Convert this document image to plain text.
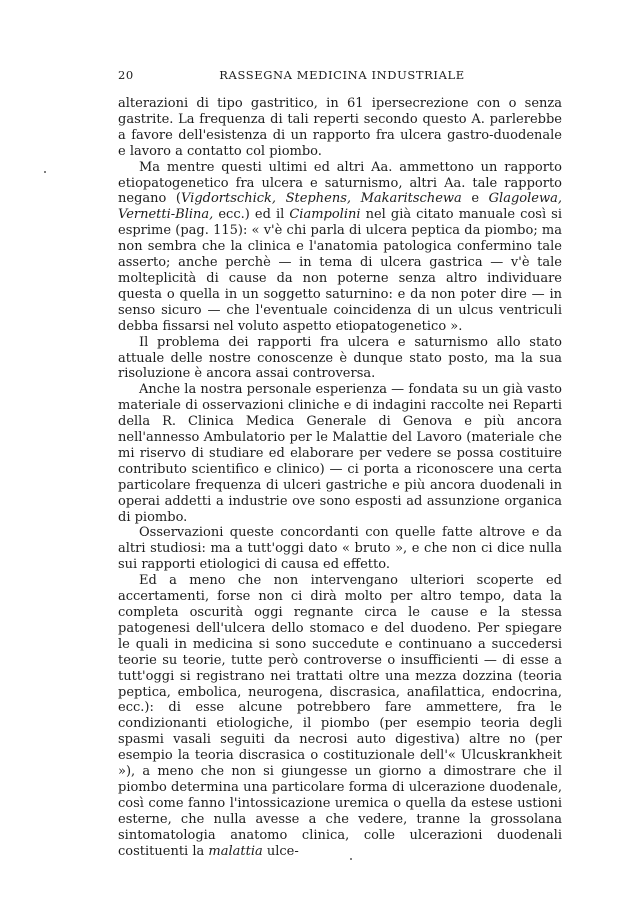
20	RASSEGNA MEDICINA INDUSTRIALE

alterazioni di tipo gastritico, in 61 ipersecrezione con o senza gastrite. La frequenza di tali reperti secondo questo A. parlerebbe a favore dell'esistenza di un rapporto fra ulcera gastro-duodenale e lavoro a contatto col piombo.

Ma mentre questi ultimi ed altri Aa. ammettono un rapporto etiopatogenetico fra ulcera e saturnismo, altri Aa. tale rapporto negano (Vigdortschick, Stephens, Makaritschewa e Glagolewa, Vernetti-Blina, ecc.) ed il Ciampolini nel già citato manuale così si esprime (pag. 115): « v'è chi parla di ulcera peptica da piombo; ma non sembra che la clinica e l'anatomia patologica confermino tale asserto; anche perchè — in tema di ulcera gastrica — v'è tale molteplicità di cause da non poterne senza altro individuare questa o quella in un soggetto saturnino: e da non poter dire — in senso sicuro — che l'eventuale coincidenza di un ulcus ventriculi debba fissarsi nel voluto aspetto etiopatogenetico ».

Il problema dei rapporti fra ulcera e saturnismo allo stato attuale delle nostre conoscenze è dunque stato posto, ma la sua risoluzione è ancora assai controversa.

Anche la nostra personale esperienza — fondata su un già vasto materiale di osservazioni cliniche e di indagini raccolte nei Reparti della R. Clinica Medica Generale di Genova e più ancora nell'annesso Ambulatorio per le Malattie del Lavoro (materiale che mi riservo di studiare ed elaborare per vedere se possa costituire contributo scientifico e clinico) — ci porta a riconoscere una certa particolare frequenza di ulceri gastriche e più ancora duodenali in operai addetti a industrie ove sono esposti ad assunzione organica di piombo.

Osservazioni queste concordanti con quelle fatte altrove e da altri studiosi: ma a tutt'oggi dato « bruto », e che non ci dice nulla sui rapporti etiologici di causa ed effetto.

Ed a meno che non intervengano ulteriori scoperte ed accertamenti, forse non ci dirà molto per altro tempo, data la completa oscurità oggi regnante circa le cause e la stessa patogenesi dell'ulcera dello stomaco e del duodeno. Per spiegare le quali in medicina si sono succedute e continuano a succedersi teorie su teorie, tutte però controverse o insufficienti — di esse a tutt'oggi si registrano nei trattati oltre una mezza dozzina (teoria peptica, embolica, neurogena, discrasica, anafilattica, endocrina, ecc.): di esse alcune potrebbero fare ammettere, fra le condizionanti etiologiche, il piombo (per esempio teoria degli spasmi vasali seguiti da necrosi auto digestiva) altre no (per esempio la teoria discrasica o costituzionale dell'« Ulcuskrankheit »), a meno che non si giungesse un giorno a dimostrare che il piombo determina una particolare forma di ulcerazione duodenale, così come fanno l'intossicazione uremica o quella da estese ustioni esterne, che nulla avesse a che vedere, tranne la grossolana sintomatologia anatomo clinica, colle ulcerazioni duodenali costituenti la malattia ulce-
